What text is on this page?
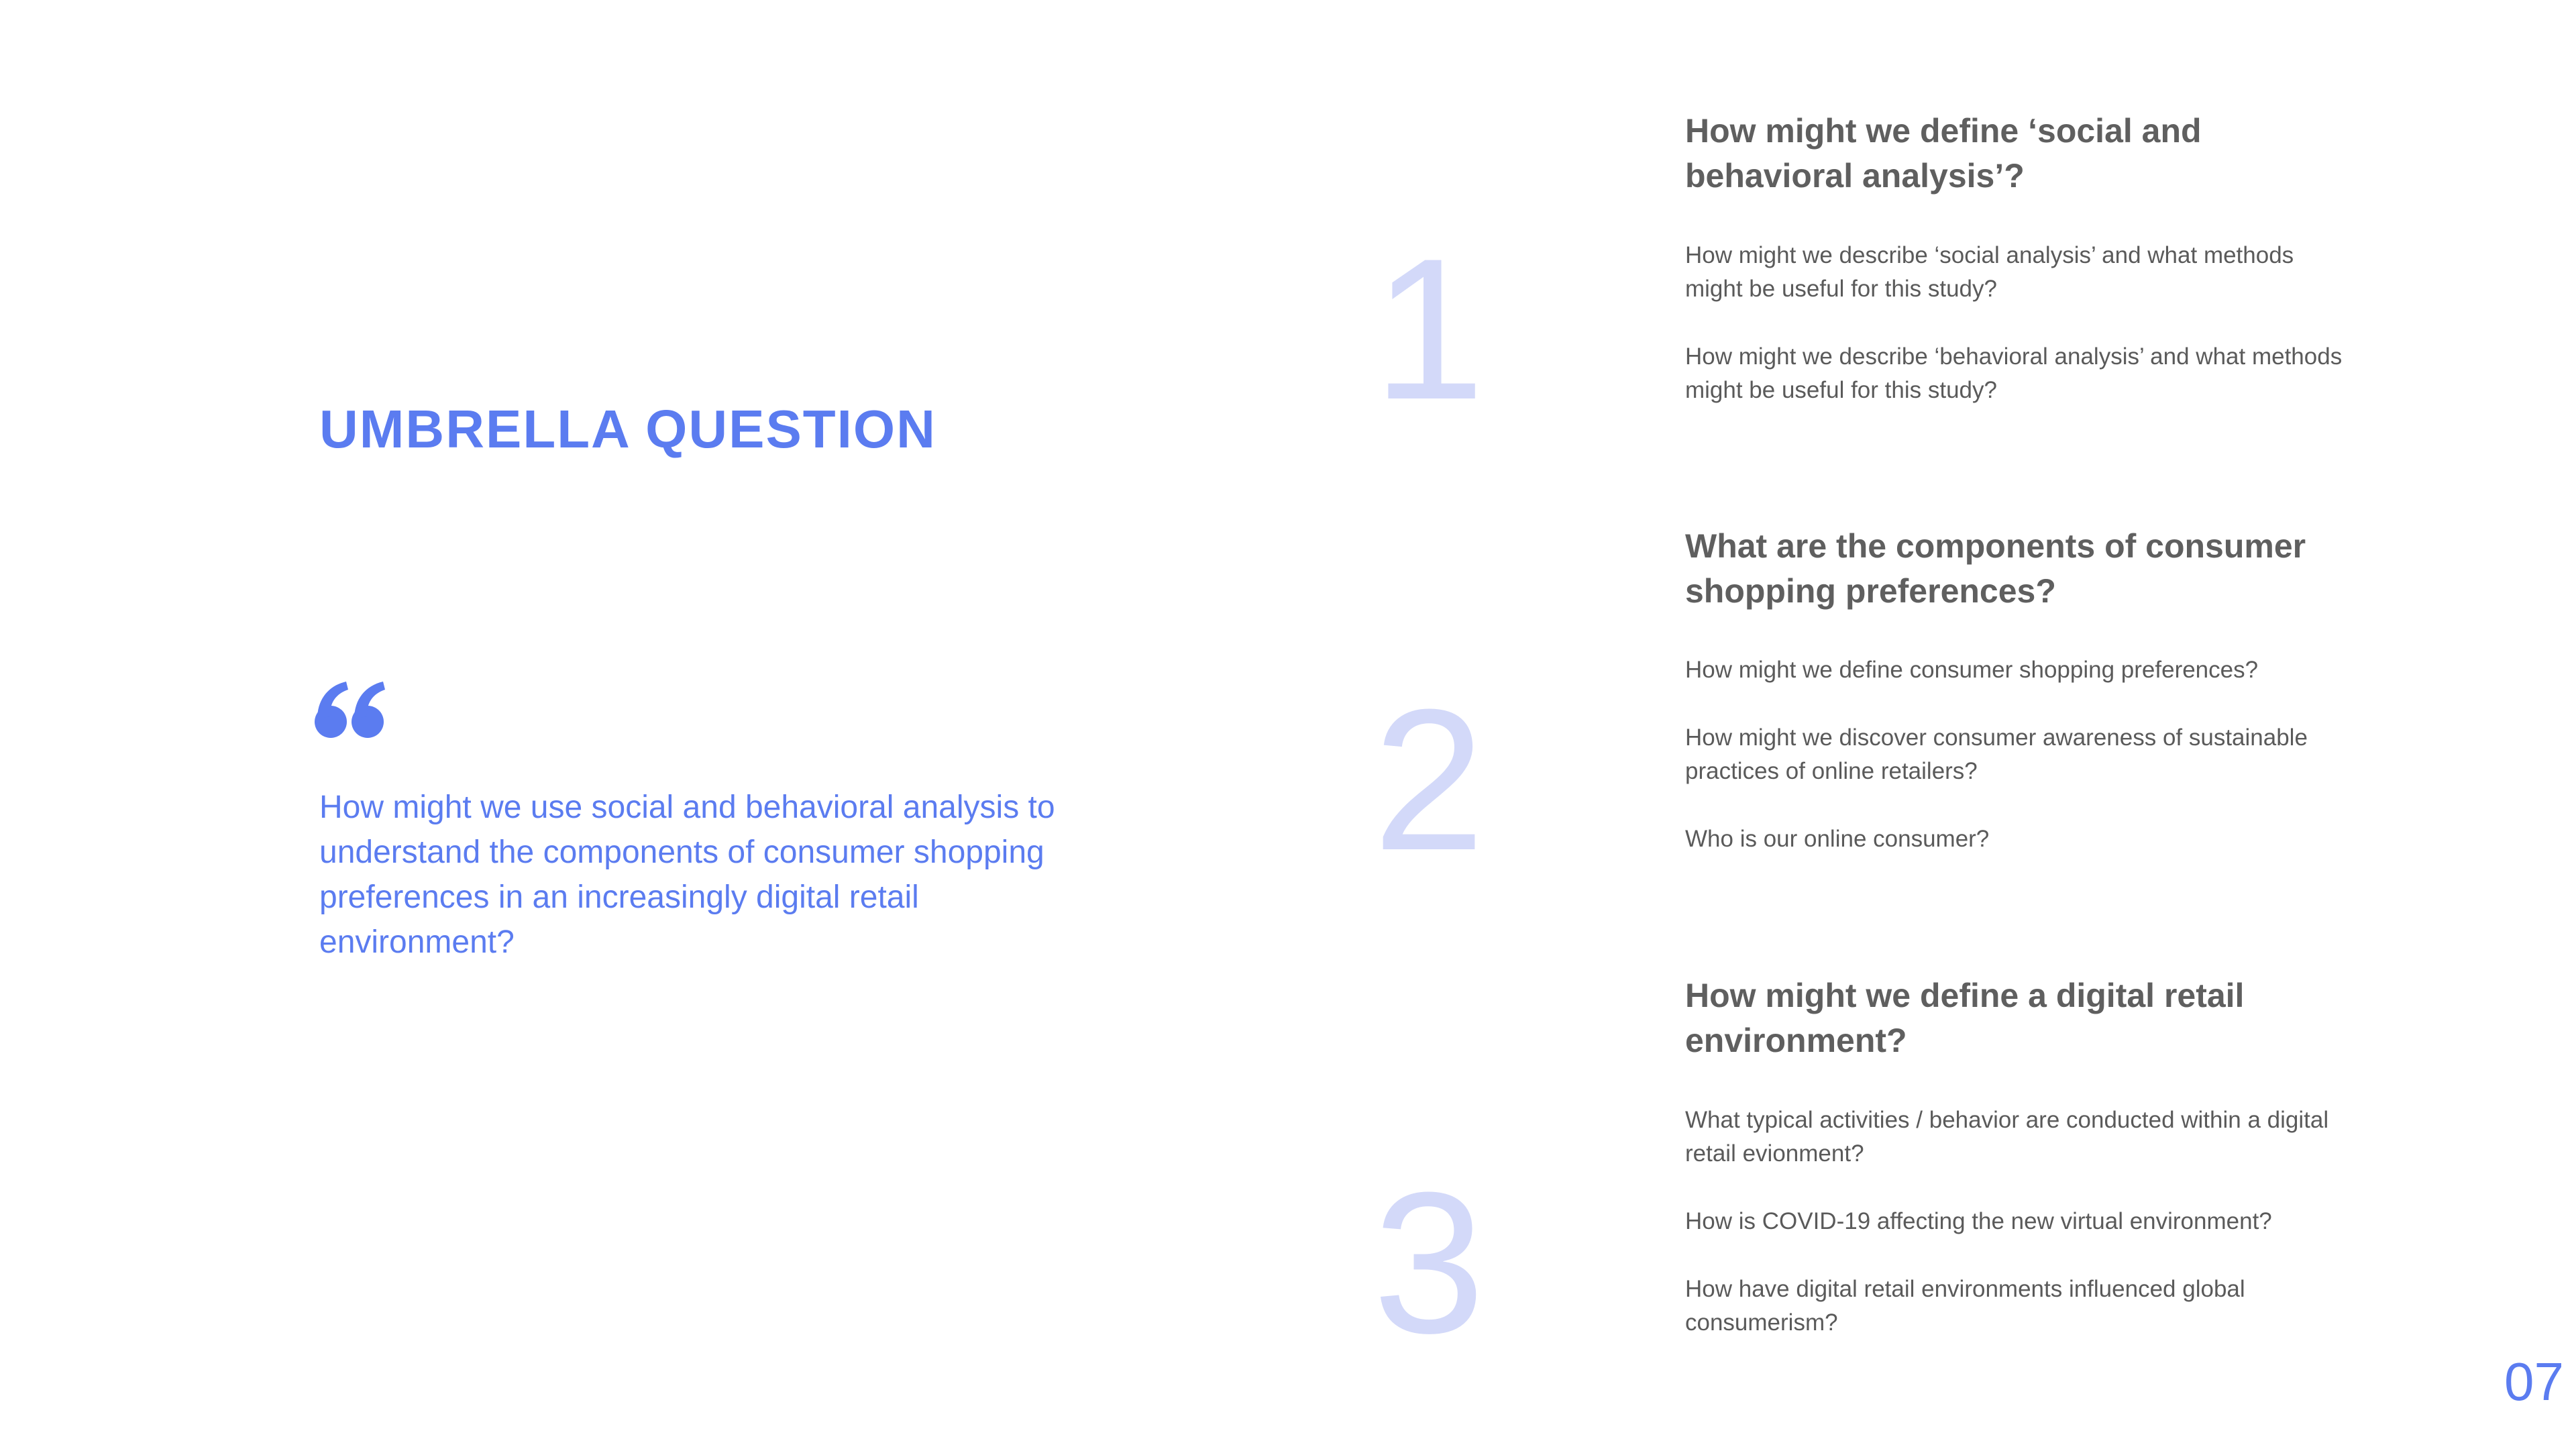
UMBRELLA QUESTION

How might we use social and behavioral analysis to understand the components of consumer shopping preferences in an increasingly digital retail environment?

1
2
3
How might we define ‘social and behavioral analysis’?

How might we describe ‘social analysis’ and what methods might be useful for this study?

How might we describe ‘behavioral analysis’ and what methods might be useful for this study?

What are the components of consumer shopping preferences?

How might we define consumer shopping preferences?

How might we discover consumer awareness of sustainable practices of online retailers?

Who is our online consumer?

How might we define a digital retail environment?

What typical activities / behavior are conducted within a digital retail evionment?

How is COVID-19 affecting the new virtual environment?

How have digital retail environments influenced global consumerism?

07
